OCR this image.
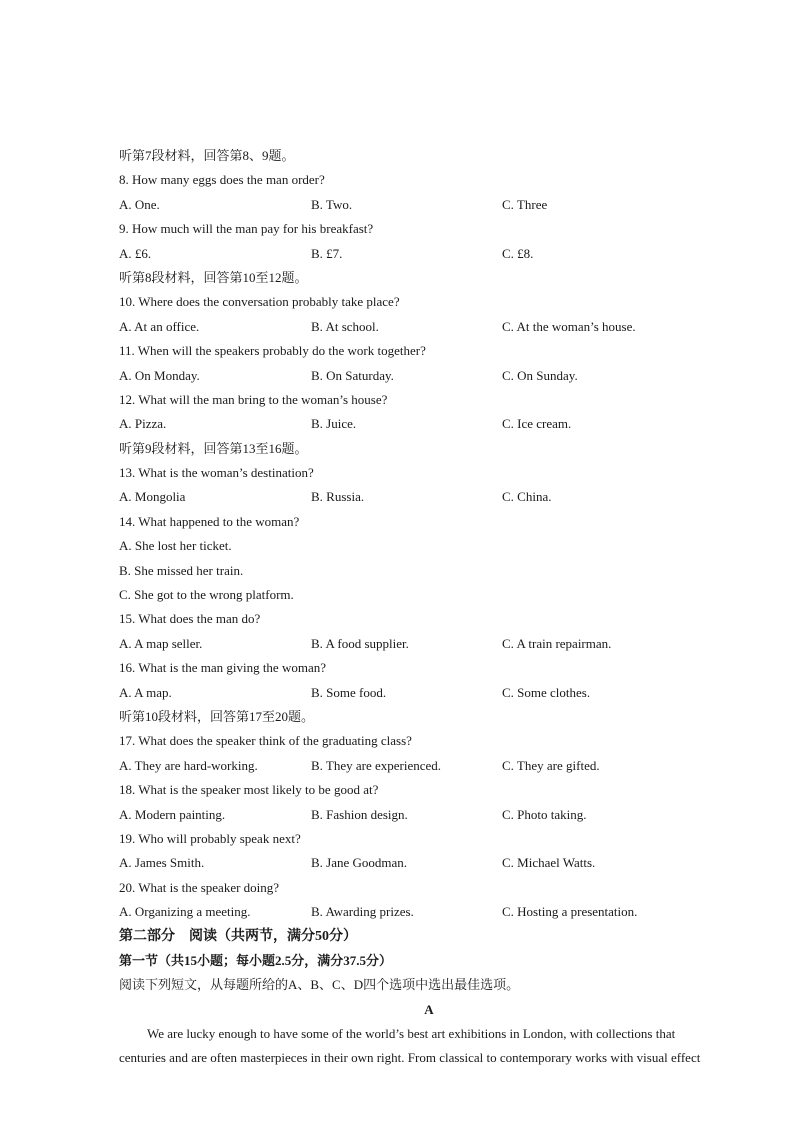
听第7段材料，回答第8、9题。
8. How many eggs does the man order?
A. One.	B. Two.	C. Three
9. How much will the man pay for his breakfast?
A. £6.	B. £7.	C. £8.
听第8段材料，回答第10至12题。
10. Where does the conversation probably take place?
A. At an office.	B. At school.	C. At the woman’s house.
11. When will the speakers probably do the work together?
A. On Monday.	B. On Saturday.	C. On Sunday.
12. What will the man bring to the woman’s house?
A. Pizza.	B. Juice.	C. Ice cream.
听第9段材料，回答第13至16题。
13. What is the woman’s destination?
A. Mongolia	B. Russia.	C. China.
14. What happened to the woman?
A. She lost her ticket.
B. She missed her train.
C. She got to the wrong platform.
15. What does the man do?
A. A map seller.	B. A food supplier.	C. A train repairman.
16. What is the man giving the woman?
A. A map.	B. Some food.	C. Some clothes.
听第10段材料，回答第17至20题。
17. What does the speaker think of the graduating class?
A. They are hard-working.	B. They are experienced.	C. They are gifted.
18. What is the speaker most likely to be good at?
A. Modern painting.	B. Fashion design.	C. Photo taking.
19. Who will probably speak next?
A. James Smith.	B. Jane Goodman.	C. Michael Watts.
20. What is the speaker doing?
A. Organizing a meeting.	B. Awarding prizes.	C. Hosting a presentation.
第二部分　阅读（共两节，满分50分）
第一节（共15小题；每小题2.5分，满分37.5分）
阅读下列短文，从每题所给的A、B、C、D四个选项中选出最佳选项。
A
We are lucky enough to have some of the world’s best art exhibitions in London, with collections that
centuries and are often masterpieces in their own right. From classical to contemporary works with visual effect
